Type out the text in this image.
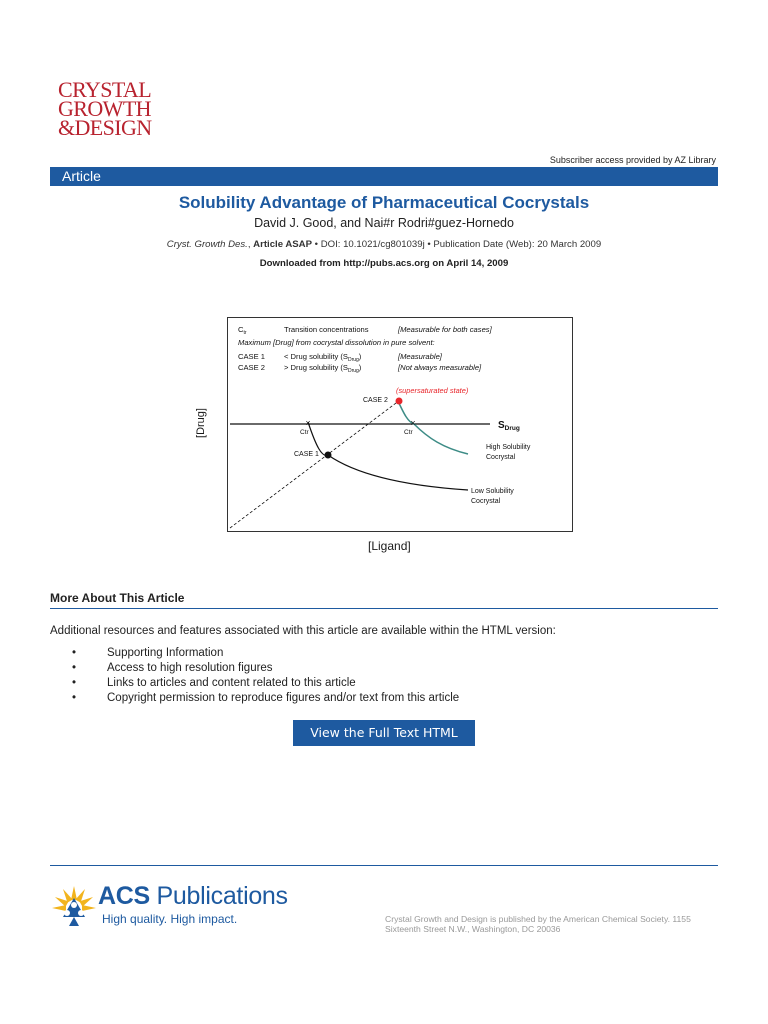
CRYSTAL
GROWTH
&DESIGN
Subscriber access provided by AZ Library
Article
Solubility Advantage of Pharmaceutical Cocrystals
David J. Good, and Nai#r Rodri#guez-Hornedo
Cryst. Growth Des., Article ASAP • DOI: 10.1021/cg801039j • Publication Date (Web): 20 March 2009
Downloaded from http://pubs.acs.org on April 14, 2009
[Drug]
$C_{tr}$	Transition concentrations	[Measurable for both cases]
Maximum [Drug] from cocrystal dissolution in pure solvent:
CASE 1 < Drug solubility $(S_{Drug})$	[Measurable]
CASE 2 > Drug solubility $(S_{Drug})$	[Not always measurable]
$S_{Drug}$
×	×
Ctr	Ctr
CASE 1
CASE 2
(supersaturated state)
High Solubility
Cocrystal
Low Solubility
Cocrystal
[Ligand]
More About This Article
Additional resources and features associated with this article are available within the HTML version:
•	Supporting Information
•	Access to high resolution figures
•	Links to articles and content related to this article
•	Copyright permission to reproduce figures and/or text from this article
View the Full Text HTML
ACS Publications
High quality. High impact.	Crystal Growth and Design is published by the American Chemical Society. 1155 Sixteenth Street N.W., Washington, DC 20036
